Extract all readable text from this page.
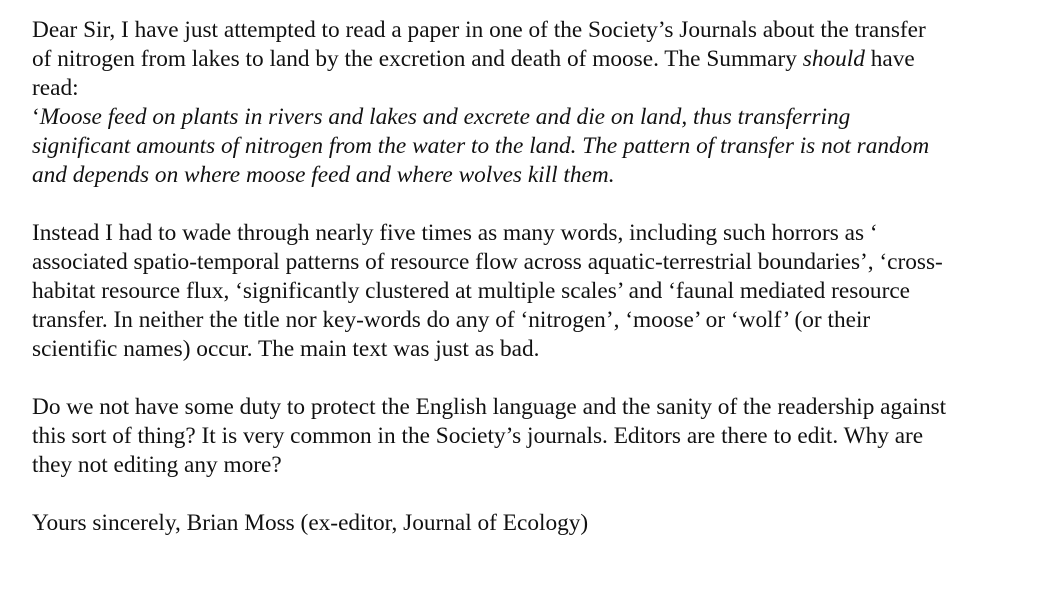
Dear Sir, I have just attempted to read a paper in one of the Society’s Journals about the transfer
of nitrogen from lakes to land by the excretion and death of moose. The Summary should have
read:
‘Moose feed on plants in rivers and lakes and excrete and die on land, thus transferring
significant amounts of nitrogen from the water to the land. The pattern of transfer is not random
and depends on where moose feed and where wolves kill them.
Instead I had to wade through nearly five times as many words, including such horrors as ‘
associated spatio-temporal patterns of resource flow across aquatic-terrestrial boundaries’, ‘cross-
habitat resource flux, ‘significantly clustered at multiple scales’ and ‘faunal mediated resource
transfer. In neither the title nor key-words do any of ‘nitrogen’, ‘moose’ or ‘wolf’ (or their
scientific names) occur. The main text was just as bad.
Do we not have some duty to protect the English language and the sanity of the readership against
this sort of thing? It is very common in the Society’s journals. Editors are there to edit. Why are
they not editing any more?
Yours sincerely, Brian Moss (ex-editor, Journal of Ecology)
